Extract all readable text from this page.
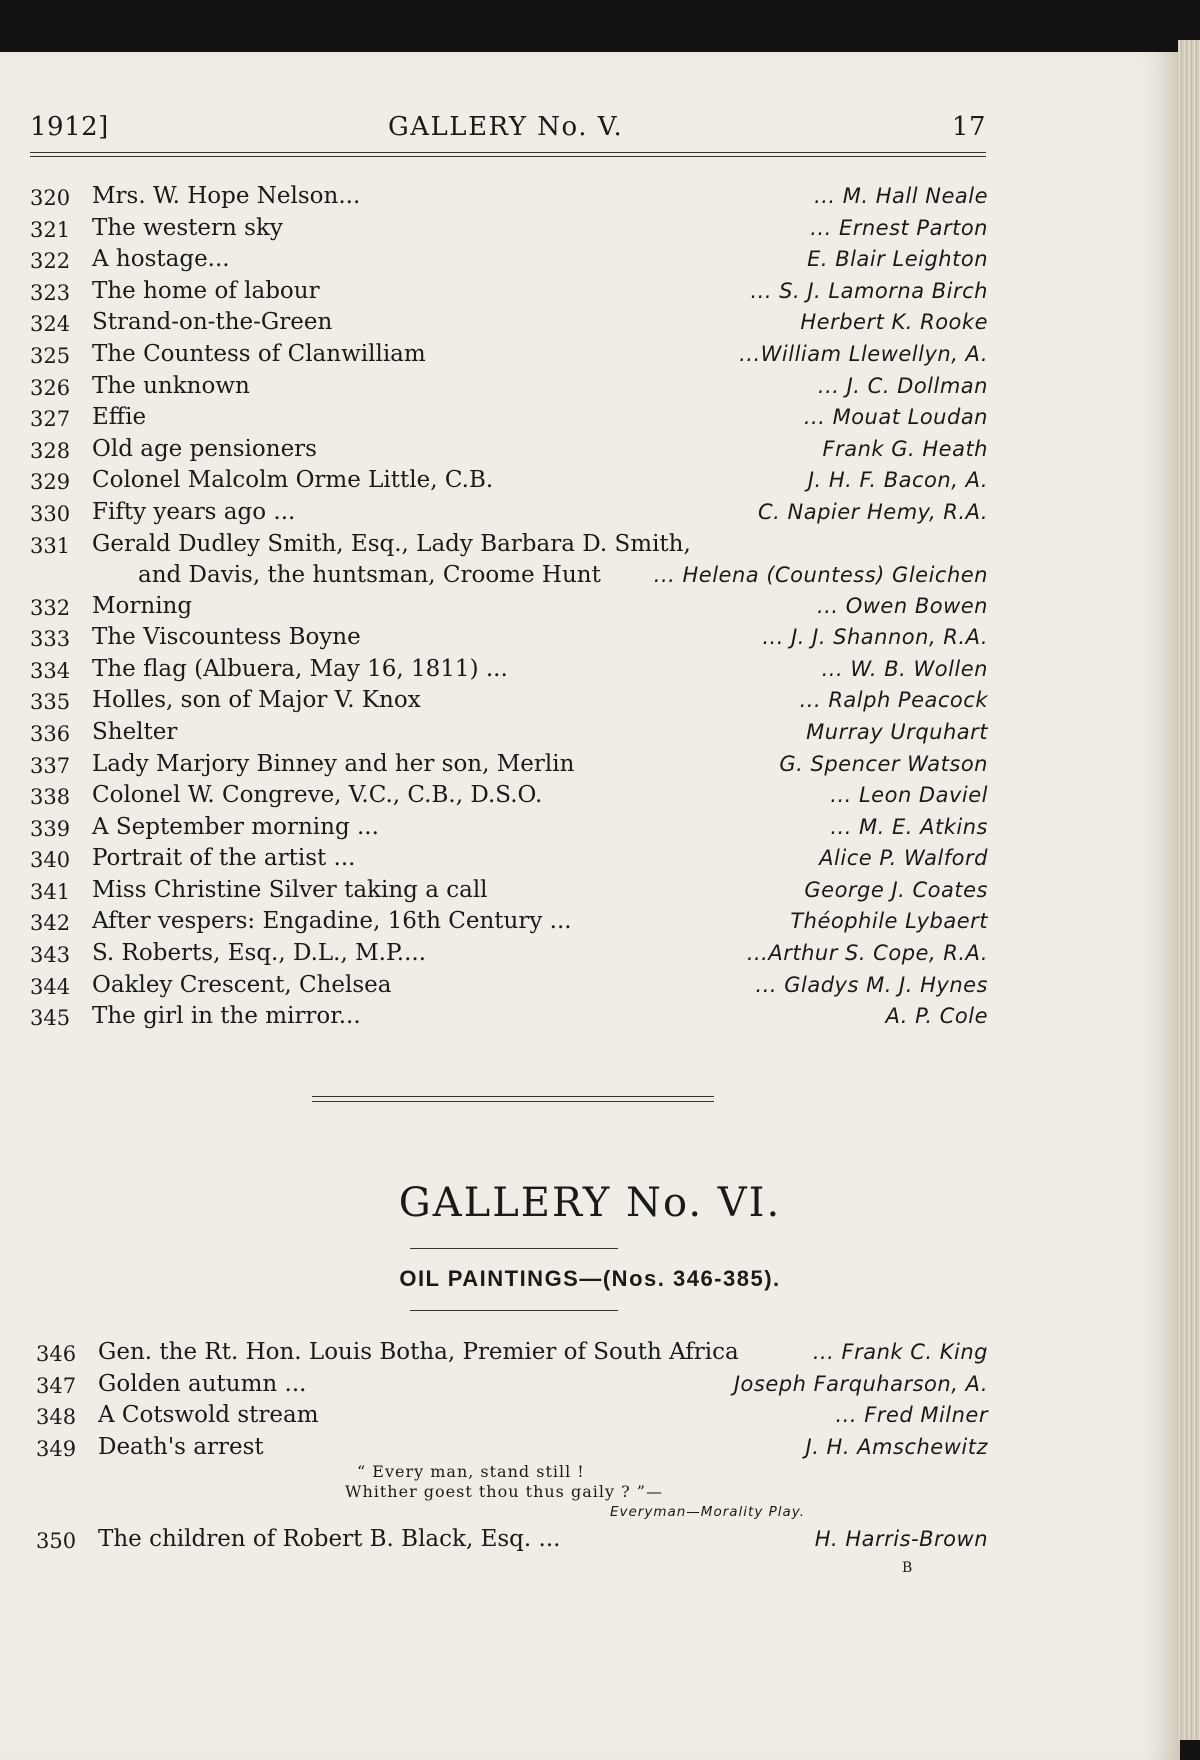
1912]	GALLERY No. V.	17
320 Mrs. W. Hope Nelson...	... M. Hall Neale
321 The western sky	... Ernest Parton
322 A hostage...	E. Blair Leighton
323 The home of labour	... S. J. Lamorna Birch
324 Strand-on-the-Green	Herbert K. Rooke
325 The Countess of Clanwilliam	...William Llewellyn, A.
326 The unknown	... J. C. Dollman
327 Effie	... Mouat Loudan
328 Old age pensioners	Frank G. Heath
329 Colonel Malcolm Orme Little, C.B.	J. H. F. Bacon, A.
330 Fifty years ago ...	C. Napier Hemy, R.A.
331 Gerald Dudley Smith, Esq., Lady Barbara D. Smith,
and Davis, the huntsman, Croome Hunt	... Helena (Countess) Gleichen
332 Morning	... Owen Bowen
333 The Viscountess Boyne	... J. J. Shannon, R.A.
334 The flag (Albuera, May 16, 1811) ...	... W. B. Wollen
335 Holles, son of Major V. Knox	... Ralph Peacock
336 Shelter	Murray Urquhart
337 Lady Marjory Binney and her son, Merlin	G. Spencer Watson
338 Colonel W. Congreve, V.C., C.B., D.S.O.	... Leon Daviel
339 A September morning ...	... M. E. Atkins
340 Portrait of the artist ...	Alice P. Walford
341 Miss Christine Silver taking a call	George J. Coates
342 After vespers: Engadine, 16th Century ...	Théophile Lybaert
343 S. Roberts, Esq., D.L., M.P....	...Arthur S. Cope, R.A.
344 Oakley Crescent, Chelsea	... Gladys M. J. Hynes
345 The girl in the mirror...	A. P. Cole
GALLERY No. VI.
OIL PAINTINGS—(Nos. 346-385).
346 Gen. the Rt. Hon. Louis Botha, Premier of South Africa	... Frank C. King
347 Golden autumn ...	Joseph Farquharson, A.
348 A Cotswold stream	... Fred Milner
349 Death's arrest	J. H. Amschewitz
“ Every man, stand still !
Whither goest thou thus gaily ? ”—
Everyman—Morality Play.
350 The children of Robert B. Black, Esq. ...	H. Harris-Brown
B
